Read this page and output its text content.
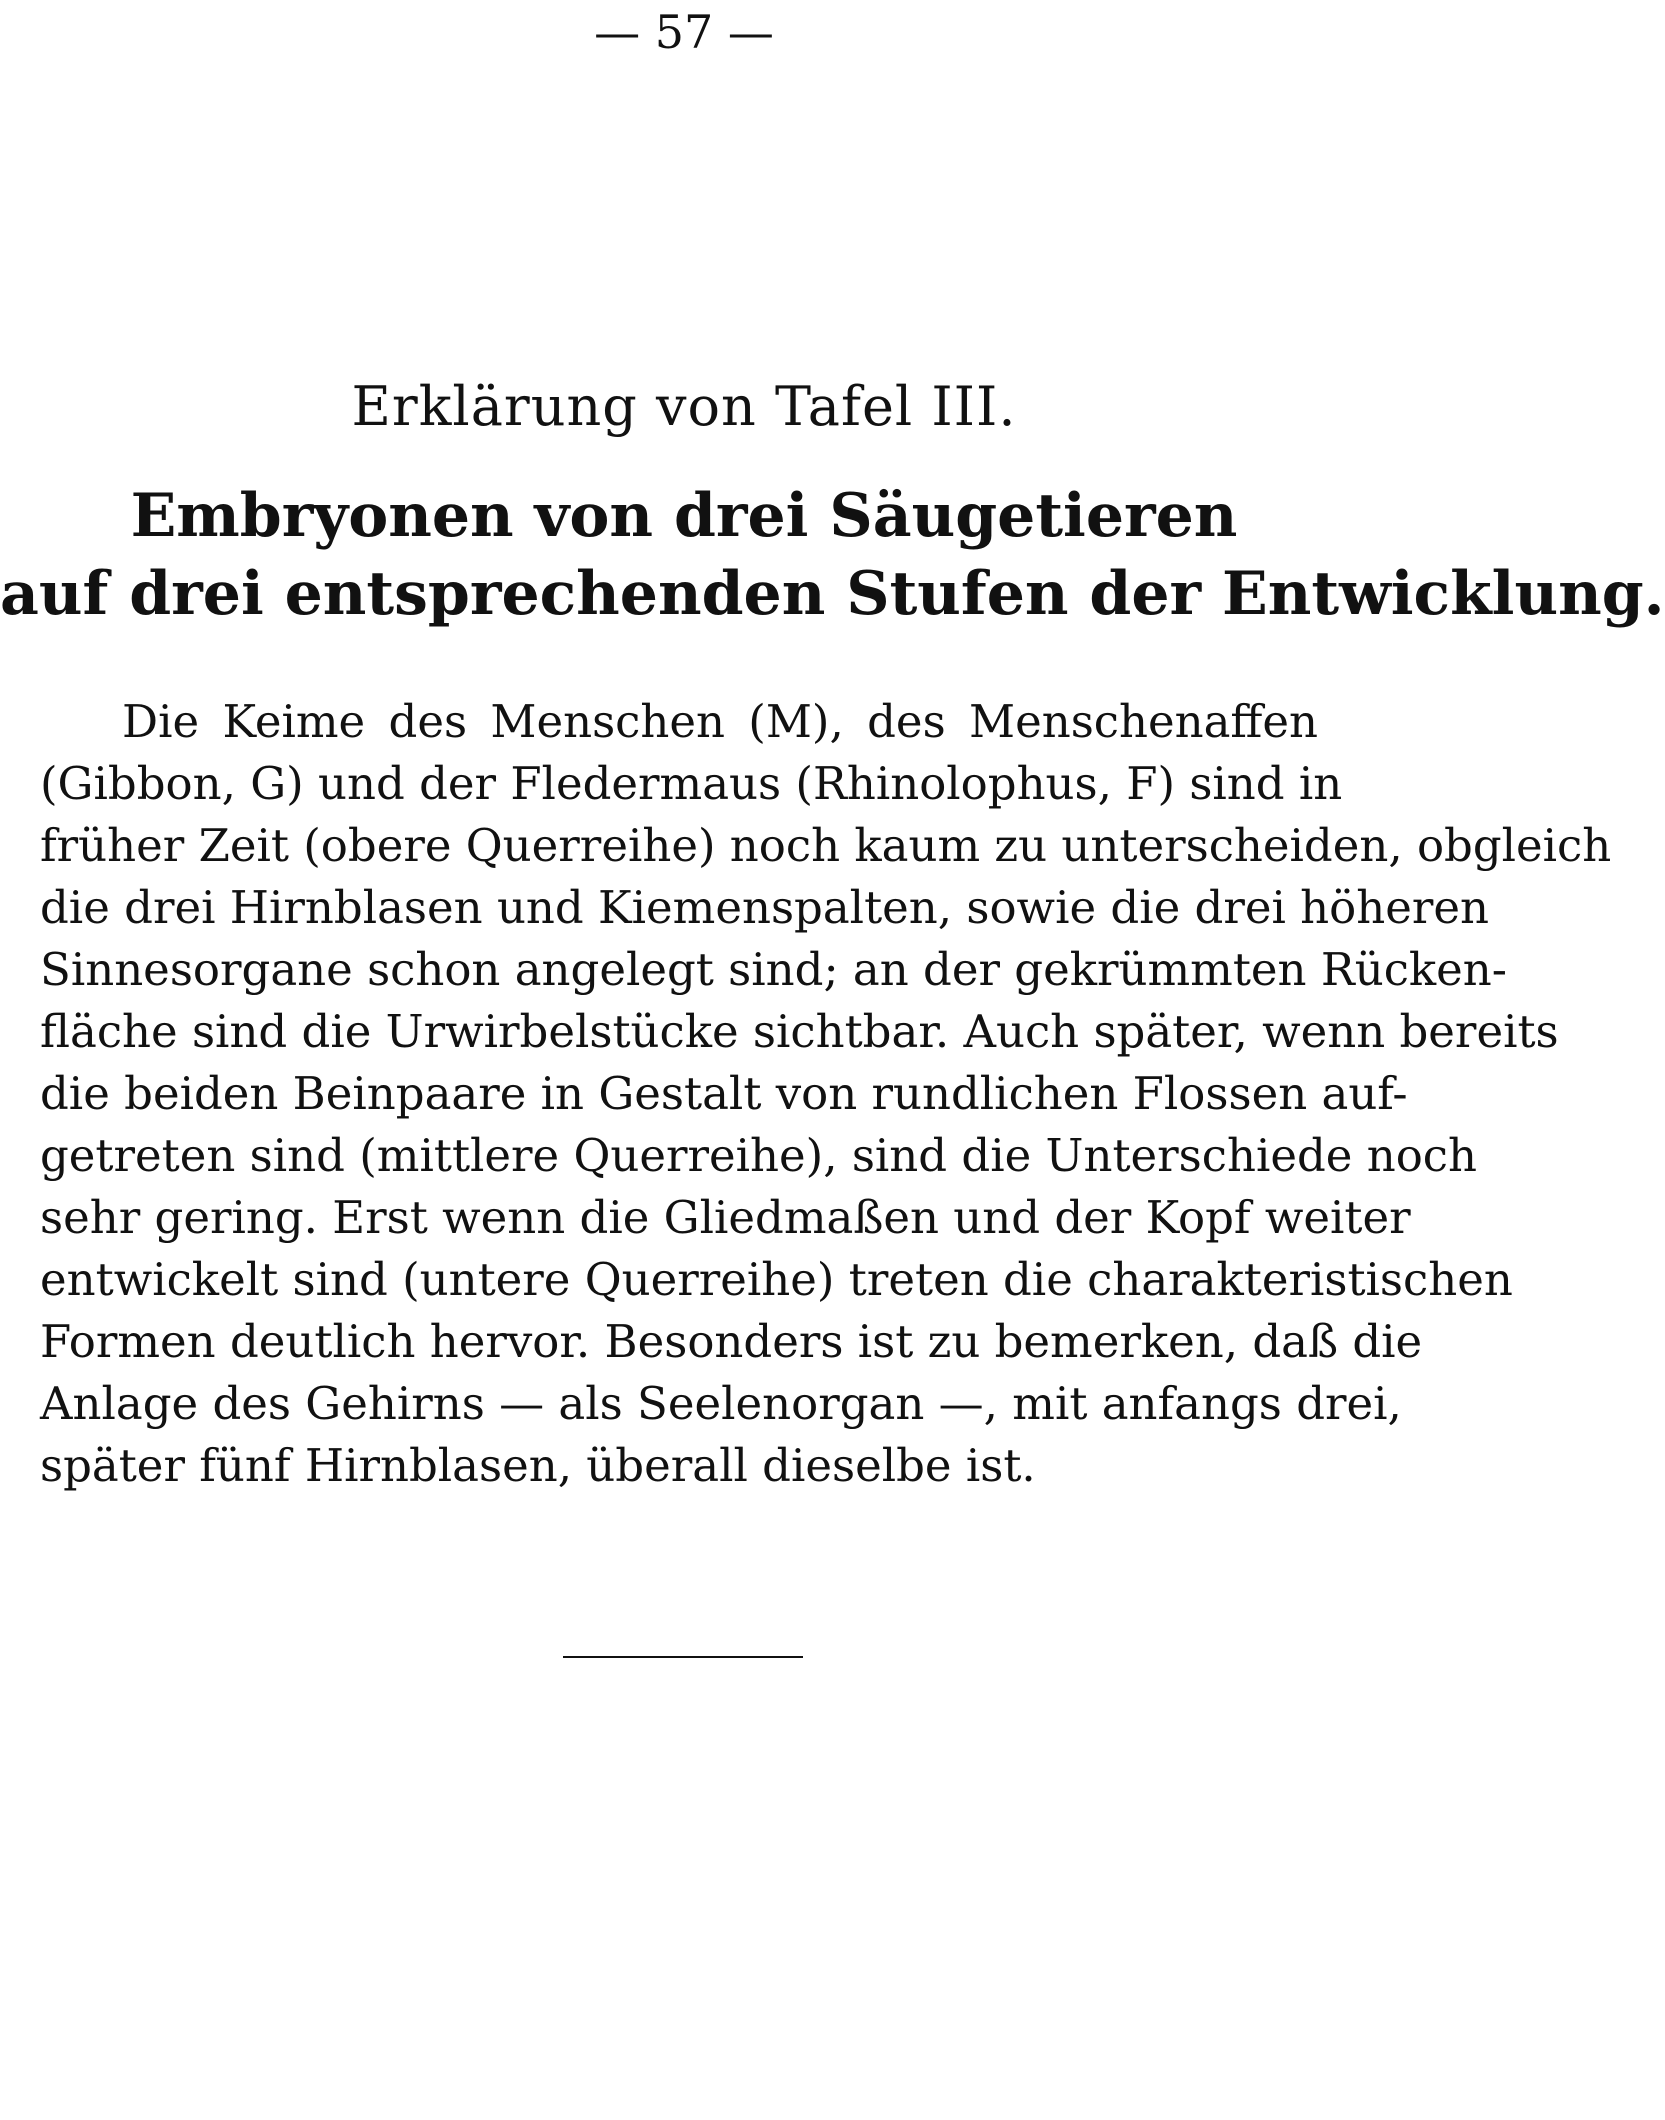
— 57 —
Erklärung von Tafel III.
Embryonen von drei Säugetieren
auf drei entsprechenden Stufen der Entwicklung.
Die Keime des Menschen (M), des Menschenaffen
(Gibbon, G) und der Fledermaus (Rhinolophus, F) sind in
früher Zeit (obere Querreihe) noch kaum zu unterscheiden, obgleich
die drei Hirnblasen und Kiemenspalten, sowie die drei höheren
Sinnesorgane schon angelegt sind; an der gekrümmten Rücken-
fläche sind die Urwirbelstücke sichtbar. Auch später, wenn bereits
die beiden Beinpaare in Gestalt von rundlichen Flossen auf-
getreten sind (mittlere Querreihe), sind die Unterschiede noch
sehr gering. Erst wenn die Gliedmaßen und der Kopf weiter
entwickelt sind (untere Querreihe) treten die charakteristischen
Formen deutlich hervor. Besonders ist zu bemerken, daß die
Anlage des Gehirns — als Seelenorgan —, mit anfangs drei,
später fünf Hirnblasen, überall dieselbe ist.
